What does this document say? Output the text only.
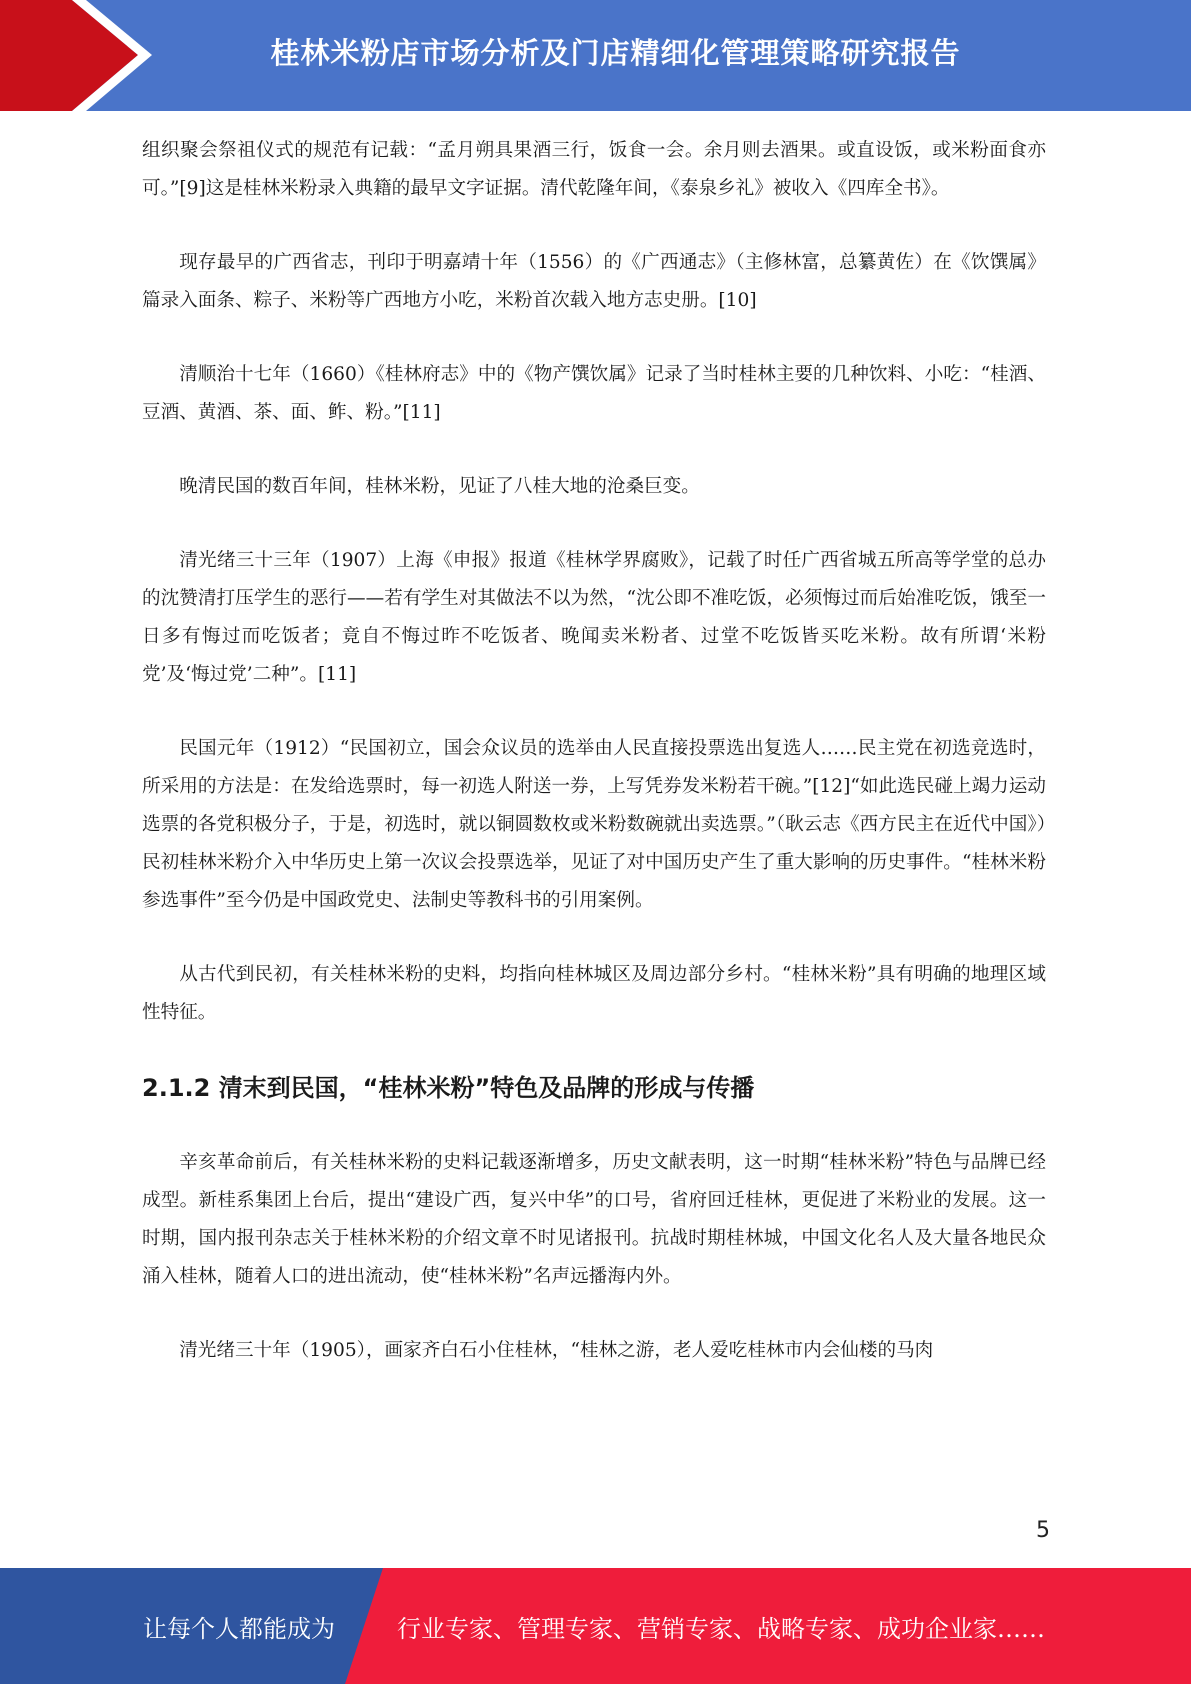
桂林米粉店市场分析及门店精细化管理策略研究报告

组织聚会祭祖仪式的规范有记载：“孟月朔具果酒三行，饭食一会。余月则去酒果。或直设饭，或米粉面食亦可。”[9]这是桂林米粉录入典籍的最早文字证据。清代乾隆年间，《泰泉乡礼》被收入《四库全书》。

现存最早的广西省志，刊印于明嘉靖十年（1556）的《广西通志》（主修林富，总纂黄佐）在《饮馔属》篇录入面条、粽子、米粉等广西地方小吃，米粉首次载入地方志史册。[10]

清顺治十七年（1660）《桂林府志》中的《物产馔饮属》记录了当时桂林主要的几种饮料、小吃：“桂酒、豆酒、黄酒、茶、面、鲊、粉。”[11]

晚清民国的数百年间，桂林米粉，见证了八桂大地的沧桑巨变。

清光绪三十三年（1907）上海《申报》报道《桂林学界腐败》，记载了时任广西省城五所高等学堂的总办的沈赞清打压学生的恶行——若有学生对其做法不以为然，“沈公即不准吃饭，必须悔过而后始准吃饭，饿至一日多有悔过而吃饭者；竟自不悔过昨不吃饭者、晚闻卖米粉者、过堂不吃饭皆买吃米粉。故有所谓‘米粉党’及‘悔过党’二种”。[11]

民国元年（1912）“民国初立，国会众议员的选举由人民直接投票选出复选人……民主党在初选竞选时，所采用的方法是：在发给选票时，每一初选人附送一券，上写凭券发米粉若干碗。”[12]“如此选民碰上竭力运动选票的各党积极分子，于是，初选时，就以铜圆数枚或米粉数碗就出卖选票。”（耿云志《西方民主在近代中国》）民初桂林米粉介入中华历史上第一次议会投票选举，见证了对中国历史产生了重大影响的历史事件。“桂林米粉参选事件”至今仍是中国政党史、法制史等教科书的引用案例。

从古代到民初，有关桂林米粉的史料，均指向桂林城区及周边部分乡村。“桂林米粉”具有明确的地理区域性特征。

2.1.2 清末到民国，“桂林米粉”特色及品牌的形成与传播

辛亥革命前后，有关桂林米粉的史料记载逐渐增多，历史文献表明，这一时期“桂林米粉”特色与品牌已经成型。新桂系集团上台后，提出“建设广西，复兴中华”的口号，省府回迁桂林，更促进了米粉业的发展。这一时期，国内报刊杂志关于桂林米粉的介绍文章不时见诸报刊。抗战时期桂林城，中国文化名人及大量各地民众涌入桂林，随着人口的进出流动，使“桂林米粉”名声远播海内外。

清光绪三十年（1905），画家齐白石小住桂林，“桂林之游，老人爱吃桂林市内会仙楼的马肉

5
让每个人都能成为	行业专家、管理专家、营销专家、战略专家、成功企业家……
